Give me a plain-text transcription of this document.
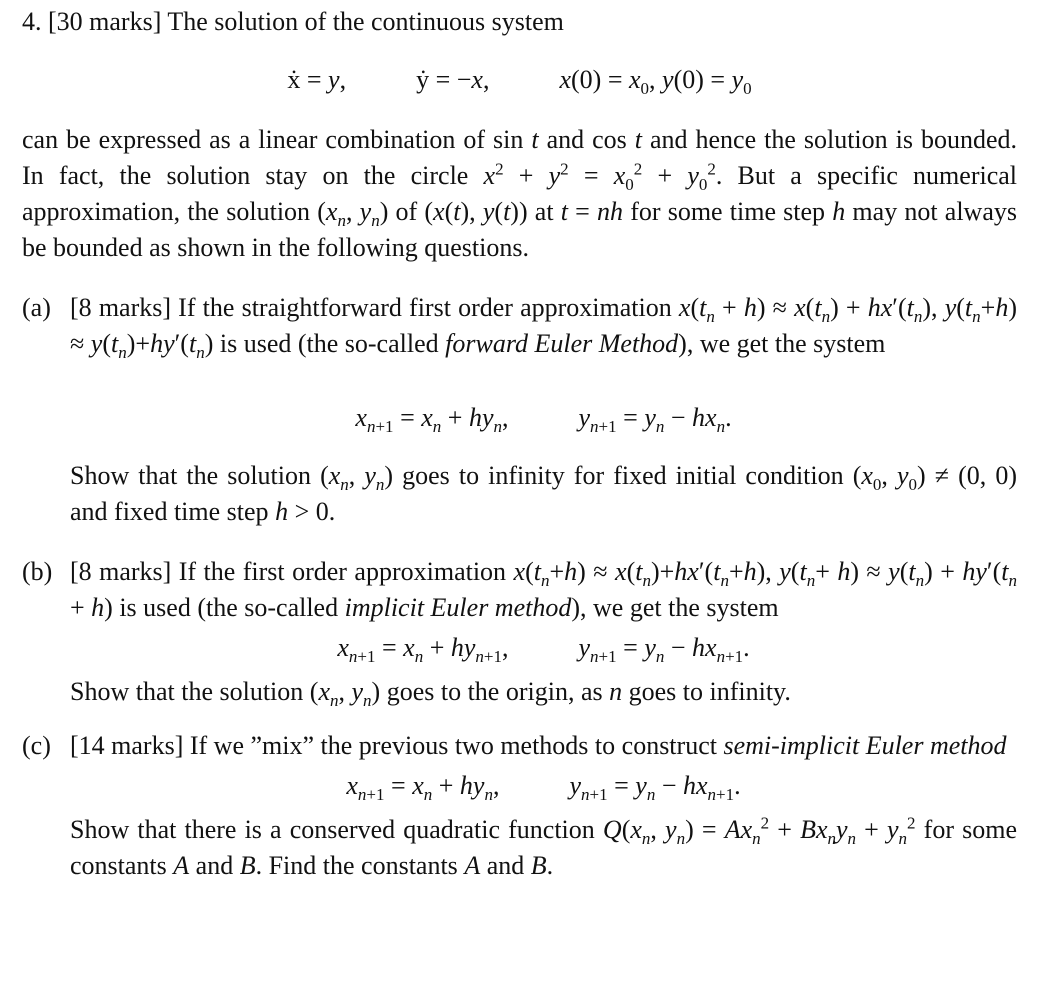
4. [30 marks] The solution of the continuous system

ẋ = y,	ẏ = −x,	$x(0) = x_0$, $y(0) = y_0$

can be expressed as a linear combination of sin t and cos t and hence the solution is bounded. In fact, the solution stay on the circle $x^2 + y^2 = x_0^2 + y_0^2$. But a specific numerical approximation, the solution ($x_n$, $y_n$) of (x(t), y(t)) at t = nh for some time step h may not always be bounded as shown in the following questions.

(a) [8 marks] If the straightforward first order approximation $x(t_n + h) \approx x(t_n) + hx'(t_n)$, $y(t_n+h) \approx y(t_n)+hy'(t_n)$ is used (the so-called forward Euler Method), we get the system

$x_{n+1} = x_n + hy_n$,	$y_{n+1} = y_n - hx_n$.

Show that the solution ($x_n$, $y_n$) goes to infinity for fixed initial condition ($x_0$, $y_0) \ne (0$, 0) and fixed time step h > 0.

(b) [8 marks] If the first order approximation $x(t_n+h) \approx x(t_n)+hx'(t_n+h)$, $y(t_n+ h) \approx y(t_n) + hy'(t_n + h)$ is used (the so-called implicit Euler method), we get the system

$x_{n+1} = x_n + hy_{n+1}$,	$y_{n+1} = y_n - hx_{n+1}$.

Show that the solution ($x_n$, $y_n$) goes to the origin, as n goes to infinity.

(c) [14 marks] If we ”mix” the previous two methods to construct semi-implicit Euler method

$x_{n+1} = x_n + hy_n$,	$y_{n+1} = y_n - hx_{n+1}$.

Show that there is a conserved quadratic function $Q(x_n$, $y_n) = Ax_n^2 + Bx_ny_n + y_n^2$ for some constants A and B. Find the constants A and B.
